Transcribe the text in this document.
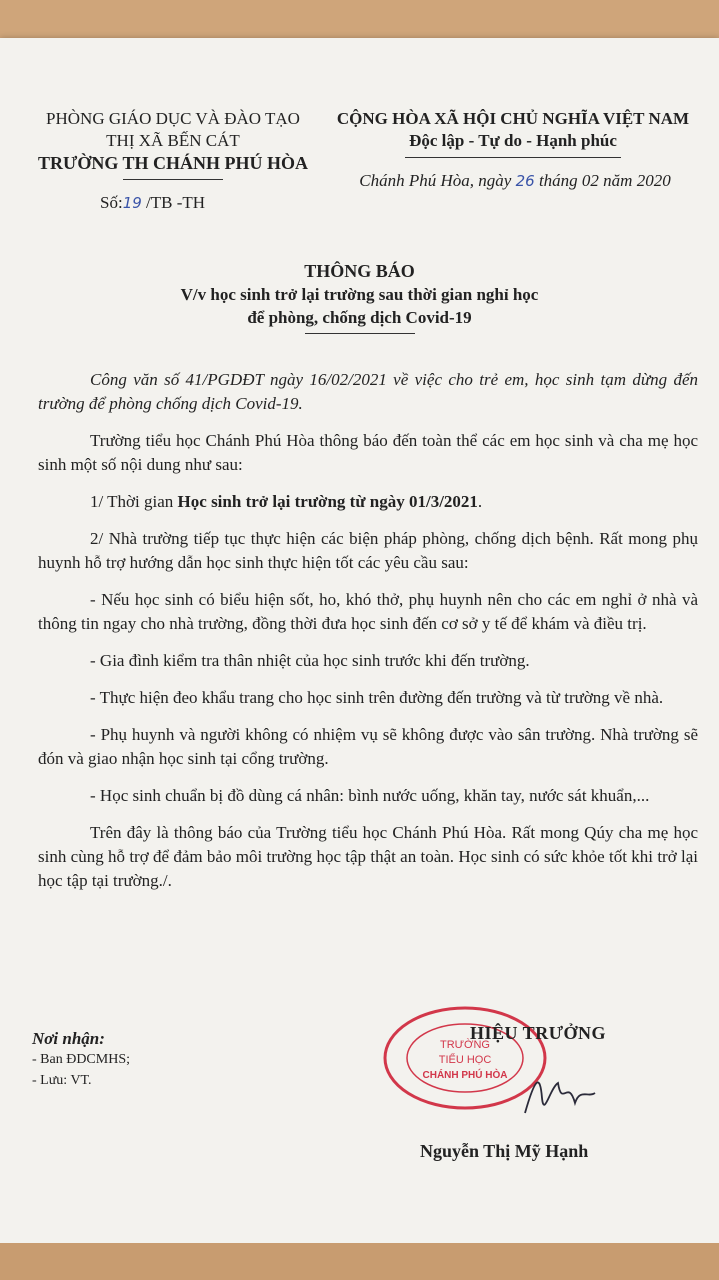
PHÒNG GIÁO DỤC VÀ ĐÀO TẠO
THỊ XÃ BẾN CÁT
TRƯỜNG TH CHÁNH PHÚ HÒA
CỘNG HÒA XÃ HỘI CHỦ NGHĨA VIỆT NAM
Độc lập - Tự do - Hạnh phúc
Số:19 /TB -TH
Chánh Phú Hòa, ngày 26 tháng 02 năm 2020
THÔNG BÁO
V/v học sinh trở lại trường sau thời gian nghỉ học
để phòng, chống dịch Covid-19

Công văn số 41/PGDĐT ngày 16/02/2021 về việc cho trẻ em, học sinh tạm dừng đến trường để phòng chống dịch Covid-19.

Trường tiểu học Chánh Phú Hòa thông báo đến toàn thể các em học sinh và cha mẹ học sinh một số nội dung như sau:

1/ Thời gian Học sinh trở lại trường từ ngày 01/3/2021.

2/ Nhà trường tiếp tục thực hiện các biện pháp phòng, chống dịch bệnh. Rất mong phụ huynh hỗ trợ hướng dẫn học sinh thực hiện tốt các yêu cầu sau:

- Nếu học sinh có biểu hiện sốt, ho, khó thở, phụ huynh nên cho các em nghỉ ở nhà và thông tin ngay cho nhà trường, đồng thời đưa học sinh đến cơ sở y tế để khám và điều trị.

- Gia đình kiểm tra thân nhiệt của học sinh trước khi đến trường.

- Thực hiện đeo khẩu trang cho học sinh trên đường đến trường và từ trường về nhà.

- Phụ huynh và người không có nhiệm vụ sẽ không được vào sân trường. Nhà trường sẽ đón và giao nhận học sinh tại cổng trường.

- Học sinh chuẩn bị đồ dùng cá nhân: bình nước uống, khăn tay, nước sát khuẩn,...

Trên đây là thông báo của Trường tiểu học Chánh Phú Hòa. Rất mong Qúy cha mẹ học sinh cùng hỗ trợ để đảm bảo môi trường học tập thật an toàn. Học sinh có sức khỏe tốt khi trở lại học tập tại trường./.

Nơi nhận:
- Ban ĐDCMHS;
- Lưu: VT.
TRƯỜNG
TIỂU HỌC
CHÁNH PHÚ HÒA
HIỆU TRƯỞNG
Nguyễn Thị Mỹ Hạnh
